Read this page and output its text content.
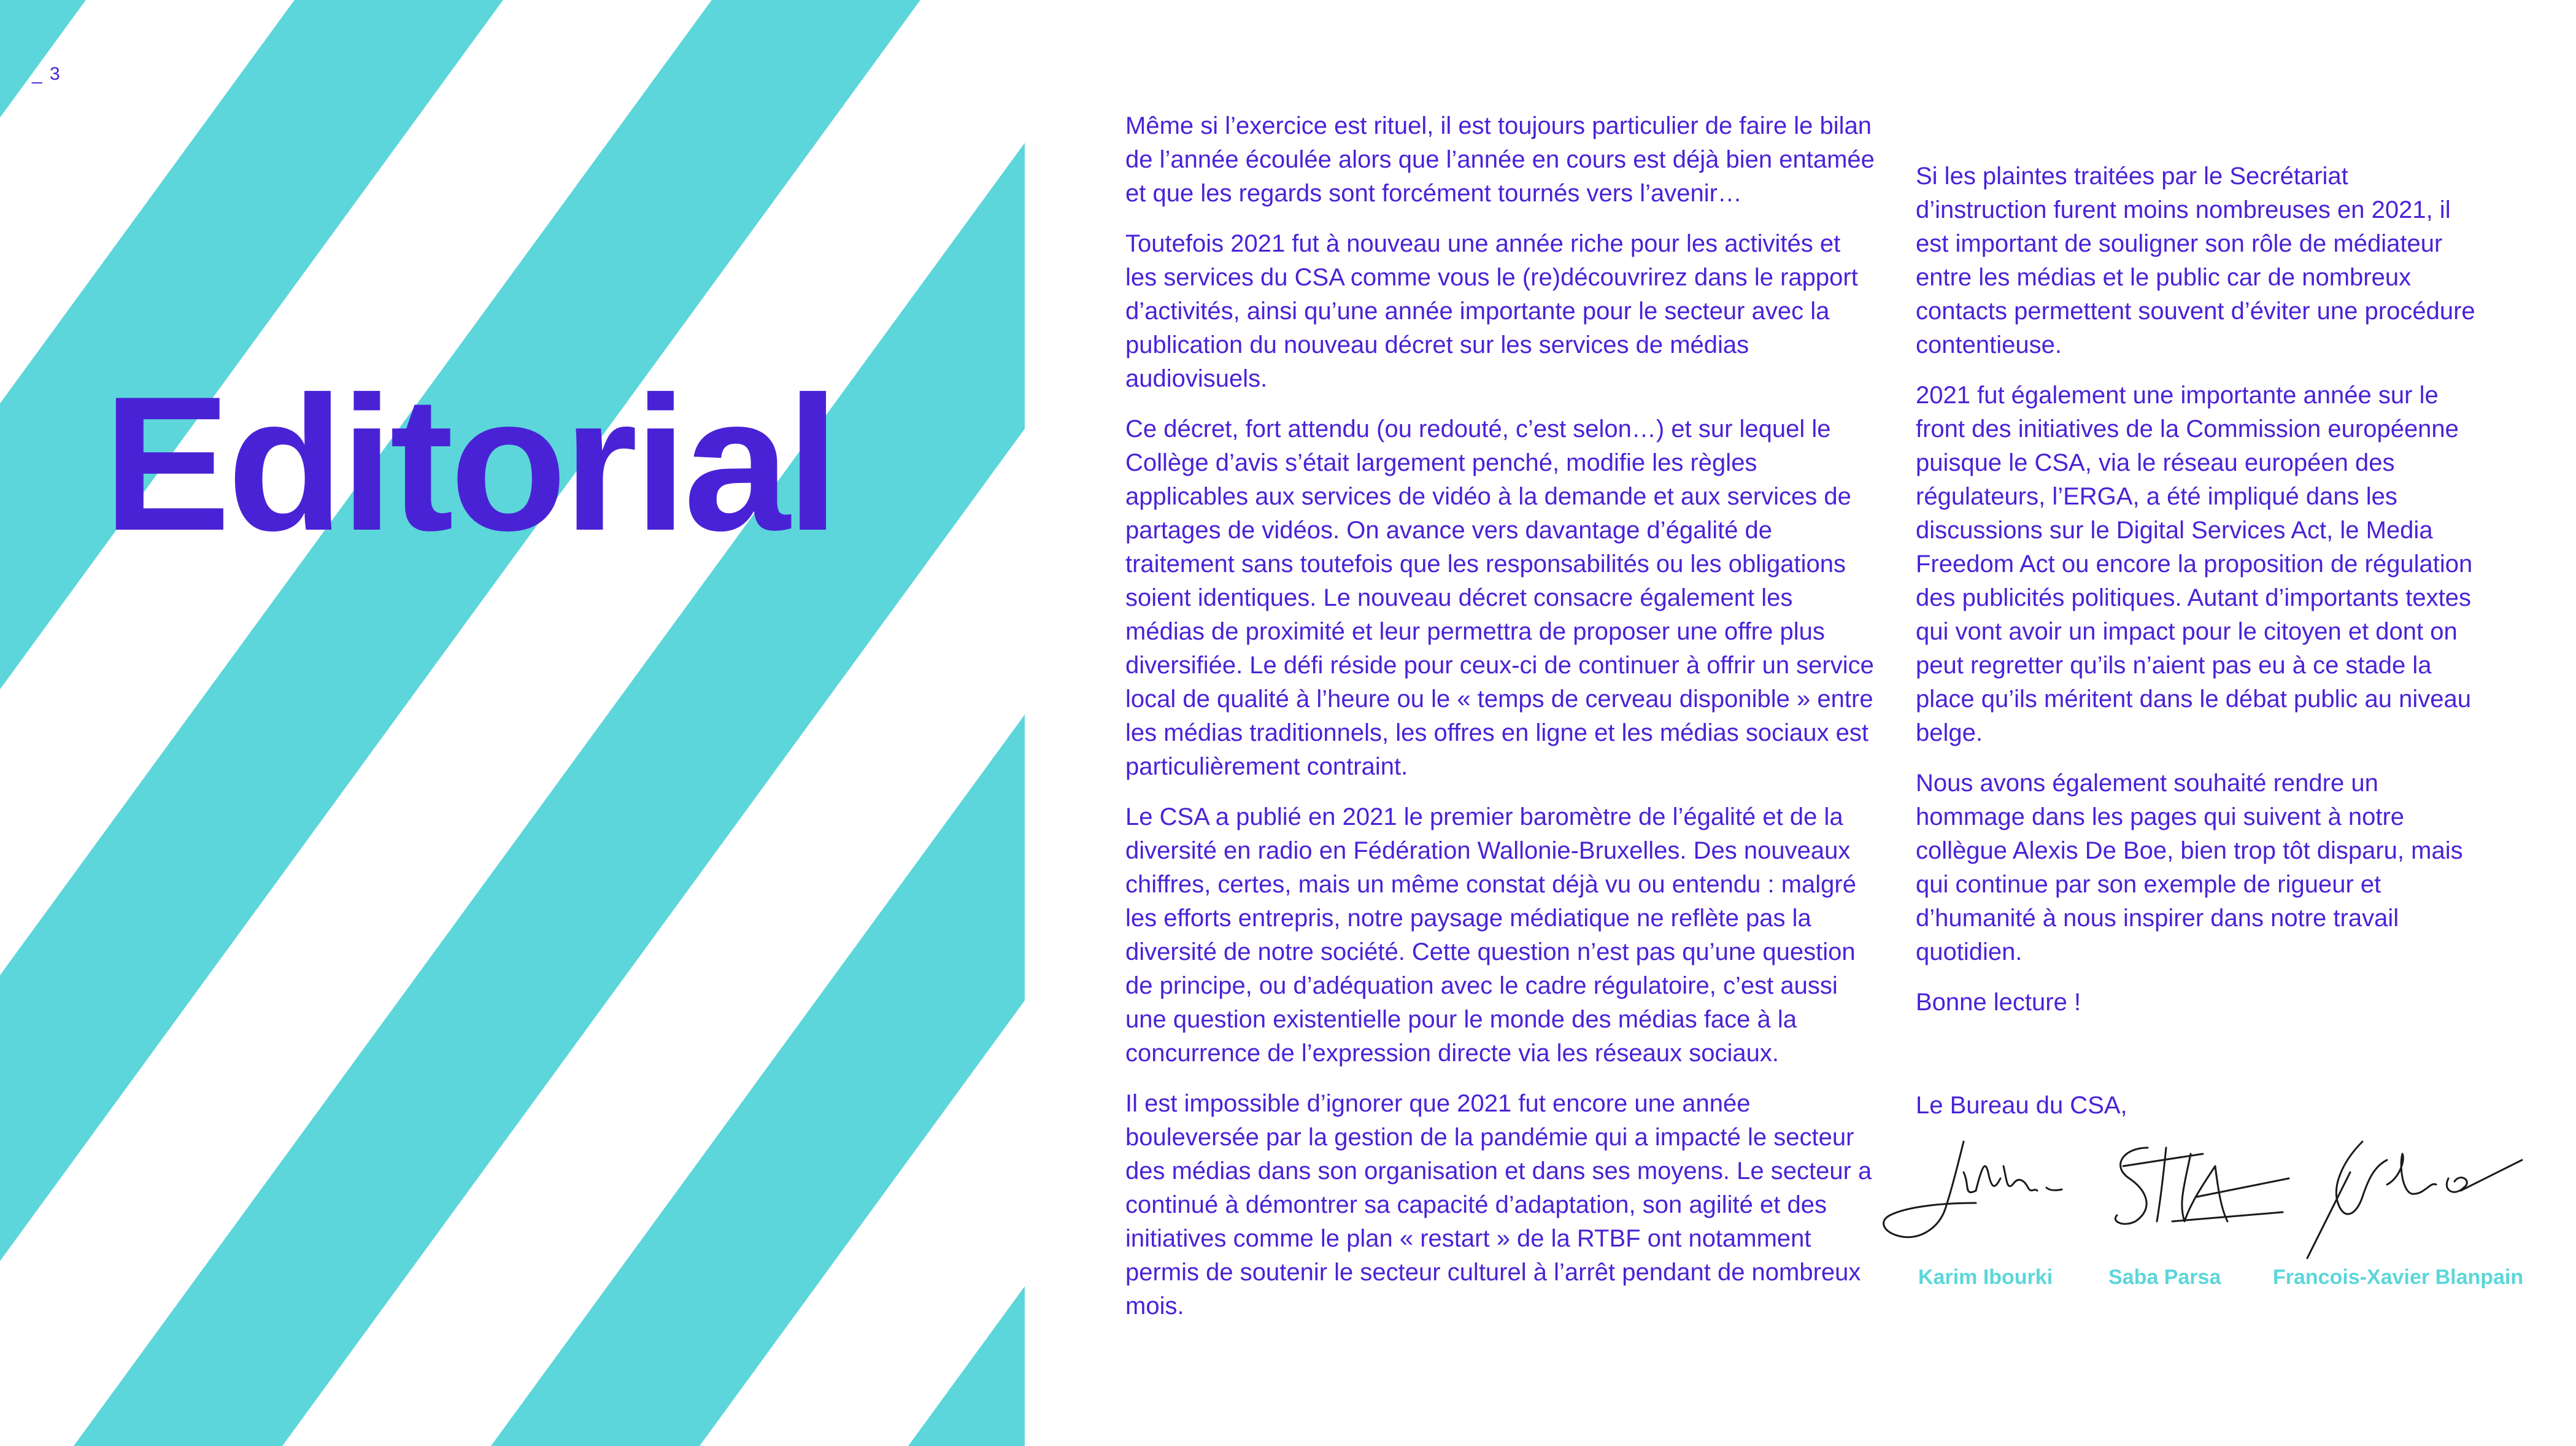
_ 3
Editorial

Même si l’exercice est rituel, il est toujours particulier de faire le bilan de l’année écoulée alors que l’année en cours est déjà bien entamée et que les regards sont forcément tournés vers l’avenir…

Toutefois 2021 fut à nouveau une année riche pour les activités et les services du CSA comme vous le (re)découvrirez dans le rapport d’activités, ainsi qu’une année importante pour le secteur avec la publication du nouveau décret sur les services de médias audiovisuels.

Ce décret, fort attendu (ou redouté, c’est selon…) et sur lequel le Collège d’avis s’était largement penché, modifie les règles applicables aux services de vidéo à la demande et aux services de partages de vidéos. On avance vers davantage d’égalité de traitement sans toutefois que les responsabilités ou les obligations soient identiques. Le nouveau décret consacre également les médias de proximité et leur permettra de proposer une offre plus diversifiée. Le défi réside pour ceux-ci de continuer à offrir un service local de qualité à l’heure ou le « temps de cerveau disponible » entre les médias traditionnels, les offres en ligne et les médias sociaux est particulièrement contraint.

Le CSA a publié en 2021 le premier baromètre de l’égalité et de la diversité en radio en Fédération Wallonie-Bruxelles. Des nouveaux chiffres, certes, mais un même constat déjà vu ou entendu : malgré les efforts entrepris, notre paysage médiatique ne reflète pas la diversité de notre société. Cette question n’est pas qu’une question de principe, ou d’adéquation avec le cadre régulatoire, c’est aussi une question existentielle pour le monde des médias face à la concurrence de l’expression directe via les réseaux sociaux.

Il est impossible d’ignorer que 2021 fut encore une année bouleversée par la gestion de la pandémie qui a impacté le secteur des médias dans son organisation et dans ses moyens. Le secteur a continué à démontrer sa capacité d’adaptation, son agilité et des initiatives comme le plan « restart » de la RTBF ont notamment permis de soutenir le secteur culturel à l’arrêt pendant de nombreux mois.

Si les plaintes traitées par le Secrétariat d’instruction furent moins nombreuses en 2021, il est important de souligner son rôle de médiateur entre les médias et le public car de nombreux contacts permettent souvent d’éviter une procédure contentieuse.

2021 fut également une importante année sur le front des initiatives de la Commission européenne puisque le CSA, via le réseau européen des régulateurs, l’ERGA, a été impliqué dans les discussions sur le Digital Services Act, le Media Freedom Act ou encore la proposition de régulation des publicités politiques. Autant d’importants textes qui vont avoir un impact pour le citoyen et dont on peut regretter qu’ils n’aient pas eu à ce stade la place qu’ils méritent dans le débat public au niveau belge.

Nous avons également souhaité rendre un hommage dans les pages qui suivent à notre collègue Alexis De Boe, bien trop tôt disparu, mais qui continue par son exemple de rigueur et d’humanité à nous inspirer dans notre travail quotidien.

Bonne lecture !

Le Bureau du CSA,
Karim Ibourki	Saba Parsa Francois-Xavier Blanpain
